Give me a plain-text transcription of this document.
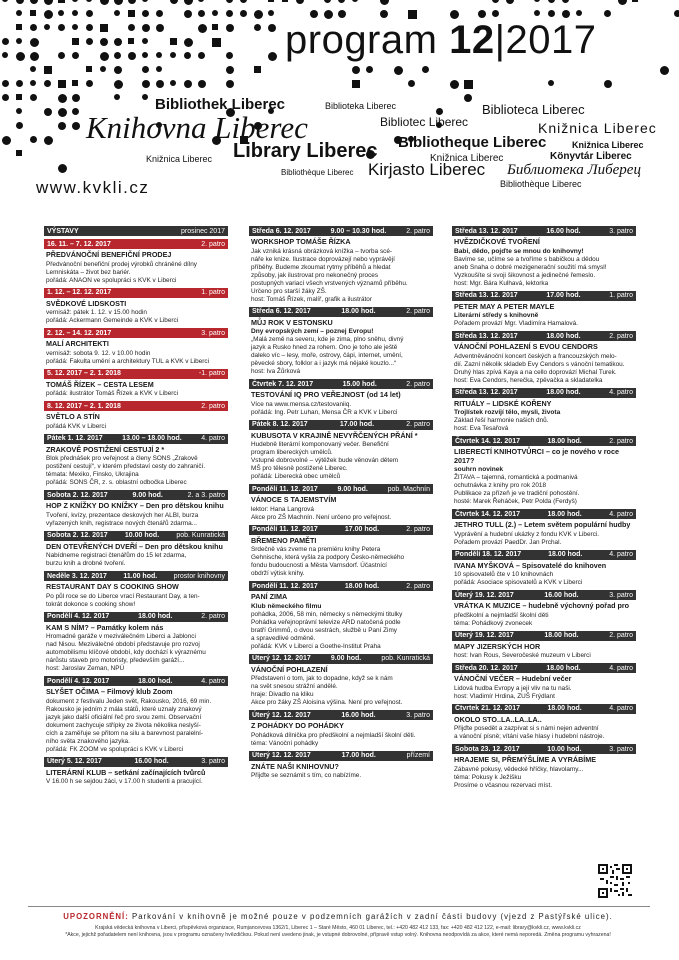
program 12|2017
Bibliothek Liberec
Knihovna Liberec
Biblioteka Liberec
Bibliotec Liberec
Biblioteca Liberec
Library Liberec
Knižnica Liberec
Knižnica Liberec
Bibliothèque Liberec
Knižnica Liberec
Knižnica Liberec
Könyvtár Liberec
Bibliotheque Liberec
Kirjasto Liberec Библиотека Либерец
Bibliothèque Liberec
www.kvkli.cz
VÝSTAVY	prosinec 2017
16. 11. – 7. 12. 2017	2. patro
PŘEDVÁNOČNÍ BENEFIČNÍ PRODEJ
Předvánoční benefiční prodej výrobků chráněné dílny
Lemniskáta – život bez bariér.
pořádá: ANAON ve spolupráci s KVK v Liberci
1. 12. – 12. 12. 2017	1. patro
SVĚDKOVÉ LIDSKOSTI
vernisáž: pátek 1. 12. v 15.00 hodin
pořádá: Ackermann Gemeinde a KVK v Liberci
2. 12. – 14. 12. 2017	3. patro
MALÍ ARCHITEKTI
vernisáž: sobota 9. 12. v 10.00 hodin
pořádá: Fakulta umění a architektury TUL a KVK v Liberci
5. 12. 2017 – 2. 1. 2018	-1. patro
TOMÁŠ ŘÍZEK – CESTA LESEM
pořádá: ilustrátor Tomáš Řízek a KVK v Liberci
8. 12. 2017 – 2. 1. 2018	2. patro
SVĚTLO A STÍN
pořádá KVK v Liberci
Pátek 1. 12. 2017	13.00 – 18.00 hod.	4. patro
ZRAKOVĚ POSTIŽENÍ CESTUJÍ 2 *
Blok přednášek pro veřejnost a členy SONS „Zrakově
postižení cestují“, v kterém představí cesty do zahraničí.
témata: Mexiko, Finsko, Ukrajina
pořádá: SONS ČR, z. s. oblastní odbočka Liberec
Sobota 2. 12. 2017	9.00 hod.	2. a 3. patro
HOP Z KNÍŽKY DO KNÍŽKY – Den pro dětskou knihu
Tvoření, kvízy, prezentace deskových her ALBI, burza
vyřazených knih, registrace nových čtenářů zdarma...
Sobota 2. 12. 2017 10.00 hod. pob. Kunratická
DEN OTEVŘENÝCH DVEŘÍ – Den pro dětskou knihu
Nabídneme registraci čtenářům do 15 let zdarma,
burzu knih a drobné tvoření.
Neděle 3. 12. 2017 11.00 hod. prostor knihovny
RESTAURANT DAY S COOKING SHOW
Po půl roce se do Liberce vrací Restaurant Day, a ten-
tokrát dokonce s cooking show!
Pondělí 4. 12. 2017	18.00 hod.	2. patro
KAM S NÍM? – Památky kolem nás
Hromadné garáže v meziválečném Liberci a Jablonci
nad Nisou. Meziválečné období představuje pro rozvoj
automobilismu klíčové období, kdy dochází k výraznému
nárůstu staveb pro motoristy, především garáží...
host: Jaroslav Zeman, NPÚ
Pondělí 4. 12. 2017	18.00 hod.	4. patro
SLYŠET OČIMA – Filmový klub Zoom
dokument z festivalu Jeden svět, Rakousko, 2016, 69 min.
Rakousko je jedním z mála států, které uznaly znakový
jazyk jako další oficiální řeč pro svou zemi. Observační
dokument zachycuje střípky ze života několika neslyší-
cích a zaměřuje se přitom na silu a barevnost paralelní-
ního světa znakového jazyka.
pořádá: FK ZOOM ve spolupráci s KVK v Liberci
Úterý 5. 12. 2017	16.00 hod.	3. patro
LITERÁRNÍ KLUB – setkání začínajících tvůrců
V 16.00 h se sejdou žáci, v 17.00 h studenti a pracující.
Středa 6. 12. 2017	9.00 – 10.30 hod.	2. patro
WORKSHOP TOMÁŠE ŘÍZKA
Jak vzniká krásná obrázková knížka – tvorba scé-
náře ke knize. Ilustrace doprovázejí nebo vyprávějí
příběhy. Budeme zkoumat rytmy příběhů a hledat
způsoby, jak ilustrovat pro nekonečný proces
postupných variací všech vrstvených významů příběhu.
Určeno pro starší žáky ZŠ.
host: Tomáš Řízek, malíř, grafik a ilustrátor
Středa 6. 12. 2017	18.00 hod.	2. patro
MŮJ ROK V ESTONSKU
Dny evropských zemí – poznej Evropu!
„Malá země na severu, kde je zima, plno sněhu, divný
jazyk a Rusko hned za rohem. Ono je toho ale ještě
daleko víc – lesy, moře, ostrovy, čápi, internet, umění,
pěvecké sbory, folklor a i jazyk má nějaké kouzlo...“
host: Iva Žůrková
Čtvrtek 7. 12. 2017	15.00 hod.	2. patro
TESTOVÁNÍ IQ PRO VEŘEJNOST (od 14 let)
Více na www.mensa.cz/testovaniiq.
pořádá: Ing. Petr Luhan, Mensa ČR a KVK v Liberci
Pátek 8. 12. 2017	17.00 hod.	2. patro
KUBUSOTA V KRAJINĚ NEVYŘČENÝCH PŘÁNÍ *
Hudebně literární komponovaný večer. Benefiční
program libereckých umělců.
Vstupné dobrovolné – výtěžek bude věnován dětem
MŠ pro tělesně postižené Liberec.
pořádá: Liberecká obec umělců
Pondělí 11. 12. 2017	9.00 hod.	pob. Machnín
VÁNOCE S TAJEMSTVÍM
lektor: Hana Langrová
Akce pro ZŠ Machnín. Není určeno pro veřejnost.
Pondělí 11. 12. 2017	17.00 hod.	2. patro
BŘEMENO PAMĚTI
Srdečně vás zveme na premiéru knihy Petera
Gehnische, která vyšla za podpory Česko-německého
fondu budoucnosti a Města Varnsdorf. Účastnící
obdrží výtisk knihy.
Pondělí 11. 12. 2017	18.00 hod.	2. patro
PANÍ ZIMA
Klub německého filmu
pohádka, 2006, 58 min, německy s německými titulky
Pohádka veřejnoprávní televize ARD natočená podle
bratří Grimmů, o dvou sestrách, službě u Paní Zimy
a spravedlivé odměně.
pořádá: KVK v Liberci a Goethe-Institut Praha
Úterý 12. 12. 2017	9.00 hod.	pob. Kunratická
VÁNOČNÍ POHLAZENÍ
Představení o tom, jak to dopadne, když se k nám
na svět snesou strážní andělé.
hraje: Divadlo na kliku
Akce pro žáky ZŠ Aloisina výšina. Není pro veřejnost.
Úterý 12. 12. 2017	16.00 hod.	3. patro
Z POHÁDKY DO POHÁDKY
Pohádková dílnička pro předškolní a nejmladší školní děti.
téma: Vánoční pohádky
Úterý 12. 12. 2017	17.00 hod.	přízemí
ZNÁTE NAŠI KNIHOVNU?
Přijďte se seznámit s tím, co nabízíme.
Středa 13. 12. 2017	16.00 hod.	3. patro
HVĚZDIČKOVÉ TVOŘENÍ
Babi, dědo, pojďte se mnou do knihovny!
Bavíme se, učíme se a tvoříme s babičkou a dědou
aneb Snaha o dobré mezigenerační soužití má smysl!
Vyzkoušíte si svoji šikovnost a jedinečné řemeslo.
host: Mgr. Bára Kulhavá, lektorka
Středa 13. 12. 2017	17.00 hod.	1. patro
PETER MAY A PETER MAYLE
Literární středy s knihovně
Pořadem provází Mgr. Vladimíra Hamalová.
Středa 13. 12. 2017	18.00 hod.	2. patro
VÁNOČNÍ POHLAZENÍ S EVOU CENDORS
Adventněvánoční koncert českých a francouzských melo-
dií. Zazní několik skladeb Evy Cendors s vánoční tematikou.
Druhý hlas zpívá Kaya a na cello doprovází Michal Turek.
host: Eva Cendors, herečka, zpěvačka a skladatelka
Středa 13. 12. 2017	18.00 hod.	4. patro
RITUÁLY – LIDSKÉ KOŘENY
Trojlístek rozvíjí tělo, mysli, života
Základ řeší harmonie našich dnů.
host: Eva Tesařová
Čtvrtek 14. 12. 2017	18.00 hod.	2. patro
LIBERECTÍ KNIHOTVŮRCI – co je nového v roce 2017?
souhrn novinek
ŽITAVA – tajemná, romantická a podmanivá
ochutnávka z knihy pro rok 2018
Publikace za přízeň je ve tradiční pohostění.
hosté: Marek Řeháček, Petr Polda (Ferdyš)
Čtvrtek 14. 12. 2017	18.00 hod.	4. patro
JETHRO TULL (2.) – Letem světem populární hudby
Vyprávění a hudební ukázky z fondu KVK v Liberci.
Pořadem provází PaedDr. Jan Prchal.
Pondělí 18. 12. 2017	18.00 hod.	4. patro
IVANA MYŠKOVÁ – Spisovatelé do knihoven
10 spisovatelů čte v 10 knihovnách
pořádá: Asociace spisovatelů a KVK v Liberci
Úterý 19. 12. 2017	16.00 hod.	3. patro
VRÁTKA K MUZICE – hudebně výchovný pořad pro
předškolní a nejmladší školní děti
téma: Pohádkový zvonecek
Úterý 19. 12. 2017	18.00 hod.	2. patro
MAPY JIZERSKÝCH HOR
host: Ivan Rous, Severočeské muzeum v Liberci
Středa 20. 12. 2017	18.00 hod.	4. patro
VÁNOČNÍ VEČER – Hudební večer
Lidová hudba Evropy a její vliv na tu naši.
host: Vladimír Hrdina, ZUŠ Frýdlant
Čtvrtek 21. 12. 2017	18.00 hod.	4. patro
OKOLO STO..LA..LA..LA..
Přijďte posedět a zazpívat si s námi nejen adventní
a vánoční písně; vítáni vaše hlasy i hudební nástroje.
Sobota 23. 12. 2017	10.00 hod.	3. patro
HRAJEME SI, PŘEMÝŠLÍME A VYRÁBÍME
Zábavné pokusy, vědecké hříčky, hlavolamy...
téma: Pokusy k Ježíšku
Prosíme o včasnou rezervaci míst.

UPOZORNĚNÍ: Parkování v knihovně je možné pouze v podzemních garážích v zadní části budovy (vjezd z Pastýřské ulice).

Krajská vědecká knihovna v Liberci, příspěvková organizace, Rumjancevova 1362/1, Liberec 1 – Staré Město, 460 01 Liberec, tel.: +420 482 412 133, fax: +420 482 412 122, e-mail: library@kvkli.cz, www.kvkli.cz

*Akce, jejichž pořadatelem není knihovna, jsou v programu označeny hvězdičkou. Pokud není uvedeno jinak, je vstupné dobrovolné, přípravě vstup volný. Knihovna neodpovídá za akce, které nemá neporedá. Změna programu vyhrazena!
